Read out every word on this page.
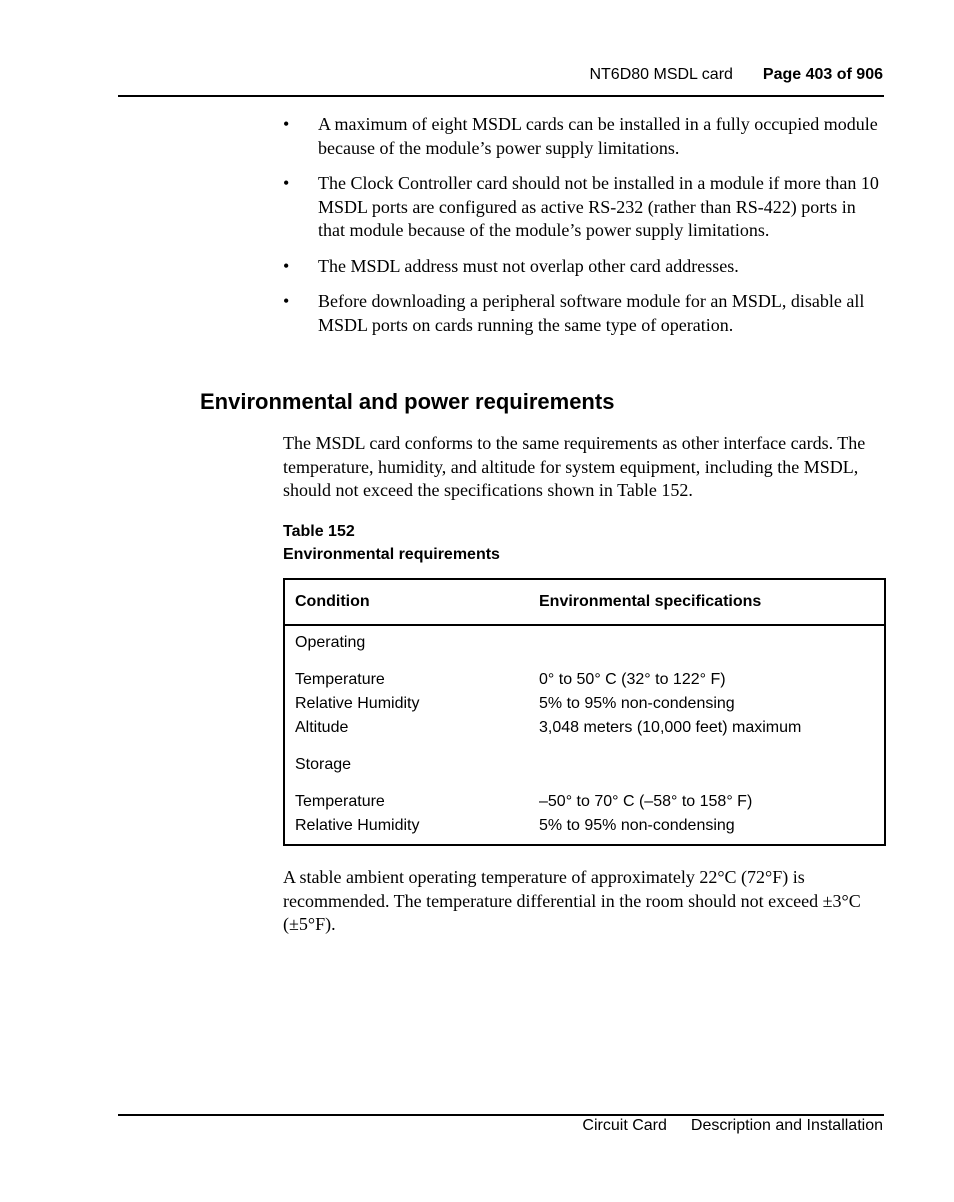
NT6D80 MSDL card Page 403 of 906
• A maximum of eight MSDL cards can be installed in a fully occupied module because of the module’s power supply limitations.
• The Clock Controller card should not be installed in a module if more than 10 MSDL ports are configured as active RS-232 (rather than RS-422) ports in that module because of the module’s power supply limitations.
• The MSDL address must not overlap other card addresses.
• Before downloading a peripheral software module for an MSDL, disable all MSDL ports on cards running the same type of operation.
Environmental and power requirements

The MSDL card conforms to the same requirements as other interface cards. The temperature, humidity, and altitude for system equipment, including the MSDL, should not exceed the specifications shown in Table 152.

Table 152
Environmental requirements
Condition	Environmental specifications
Operating
Temperature	0° to 50° C (32° to 122° F)
Relative Humidity	5% to 95% non-condensing
Altitude	3,048 meters (10,000 feet) maximum
Storage
Temperature	–50° to 70° C (–58° to 158° F)
Relative Humidity	5% to 95% non-condensing

A stable ambient operating temperature of approximately 22°C (72°F) is recommended. The temperature differential in the room should not exceed ±3°C (±5°F).

Circuit Card Description and Installation
